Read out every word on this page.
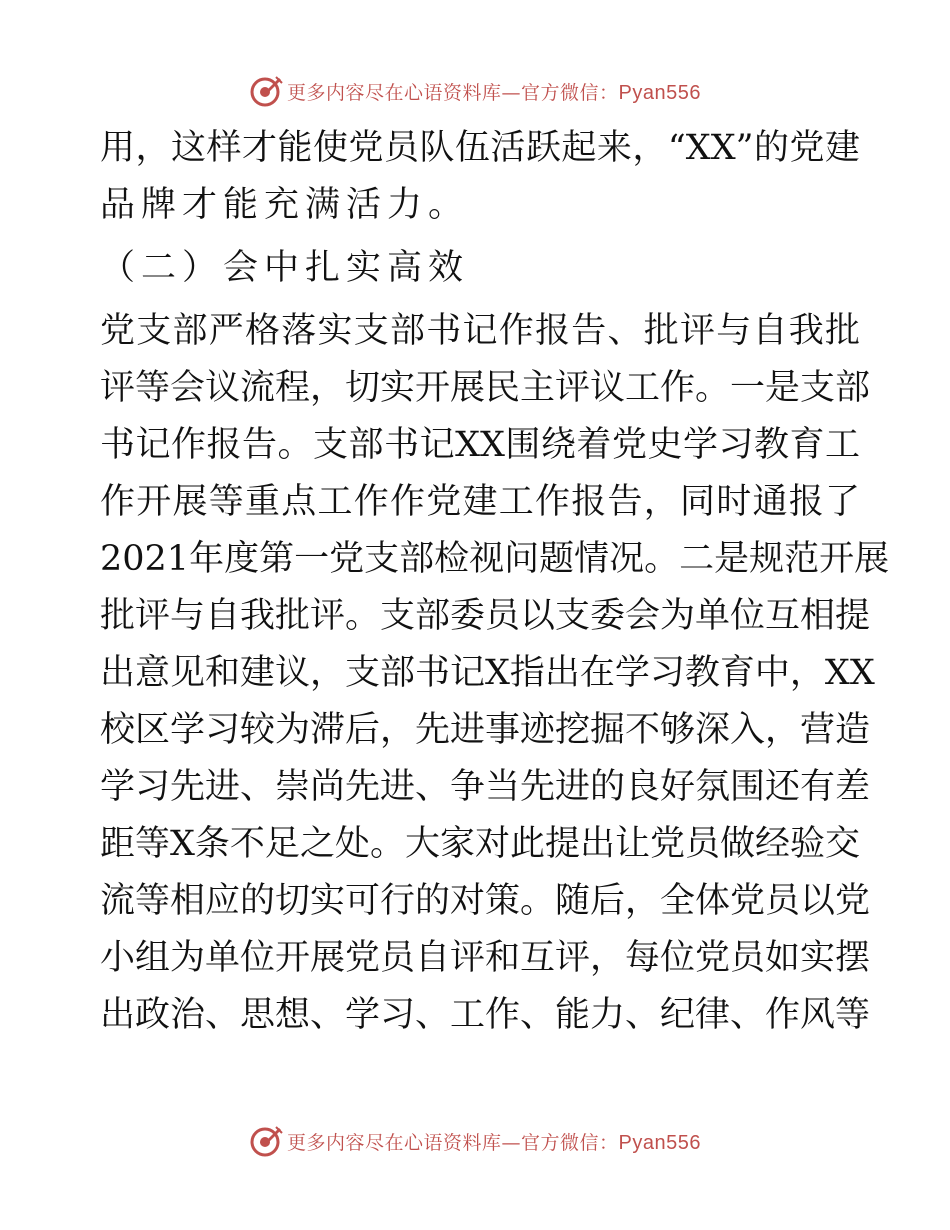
更多内容尽在心语资料库—官方微信：Pyan556
用，这样才能使党员队伍活跃起来，“XX”的党建
品牌才能充满活力。
（二）会中扎实高效
党支部严格落实支部书记作报告、批评与自我批
评等会议流程，切实开展民主评议工作。一是支部
书记作报告。支部书记XX围绕着党史学习教育工
作开展等重点工作作党建工作报告，同时通报了
2021年度第一党支部检视问题情况。二是规范开展
批评与自我批评。支部委员以支委会为单位互相提
出意见和建议，支部书记X指出在学习教育中，XX
校区学习较为滞后，先进事迹挖掘不够深入，营造
学习先进、崇尚先进、争当先进的良好氛围还有差
距等X条不足之处。大家对此提出让党员做经验交
流等相应的切实可行的对策。随后，全体党员以党
小组为单位开展党员自评和互评，每位党员如实摆
出政治、思想、学习、工作、能力、纪律、作风等
更多内容尽在心语资料库—官方微信：Pyan556
